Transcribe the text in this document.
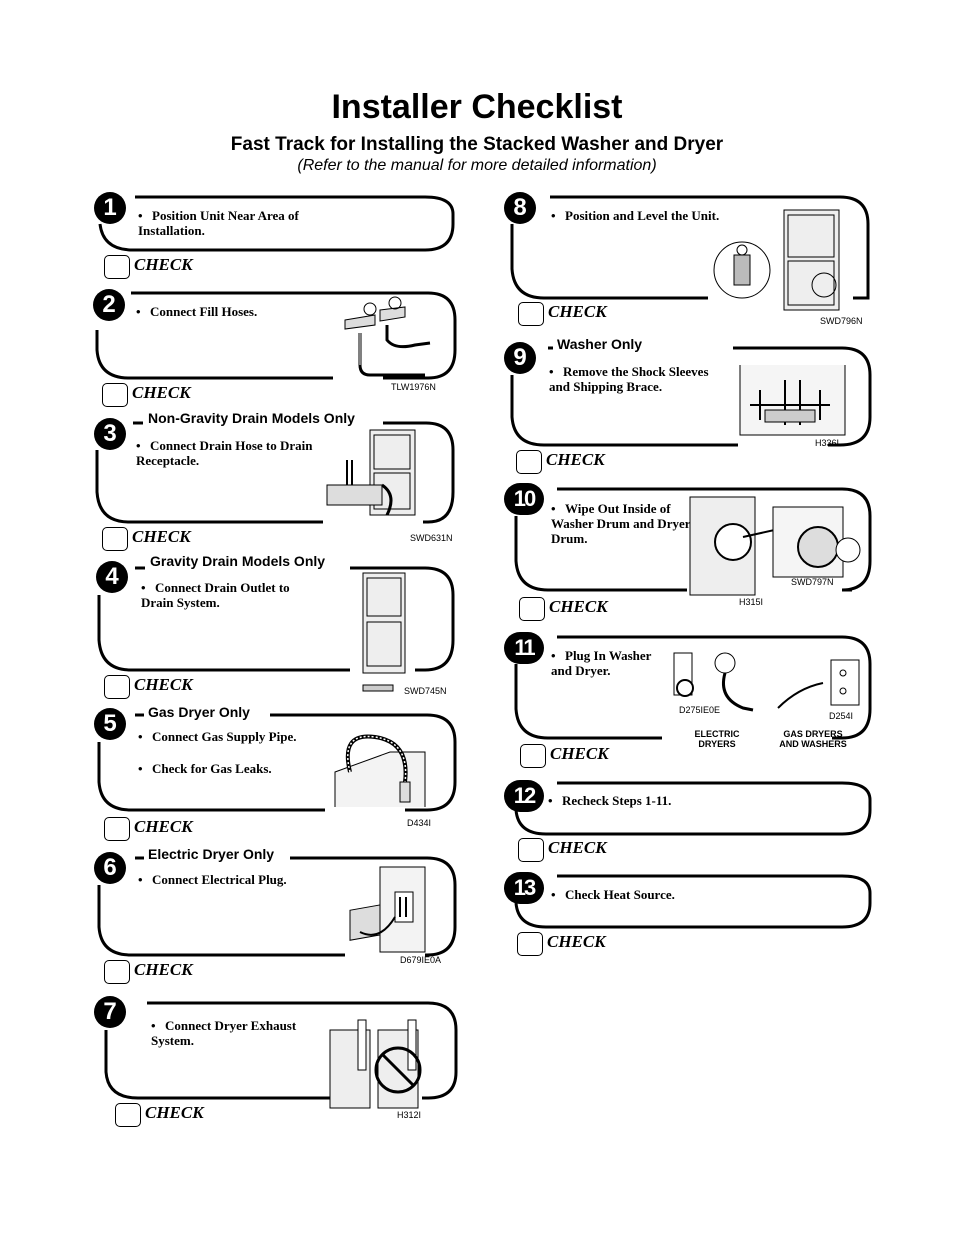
Installer Checklist
Fast Track for Installing the Stacked Washer and Dryer
(Refer to the manual for more detailed information)
1	• Position Unit Near Area of Installation.
CHECK
2	• Connect Fill Hoses.
TLW1976N
CHECK
3
Non-Gravity Drain Models Only
• Connect Drain Hose to Drain Receptacle.
SWD631N
CHECK
4
Gravity Drain Models Only
• Connect Drain Outlet to Drain System.
SWD745N
CHECK
5	Gas Dryer Only
• Connect Gas Supply Pipe.
• Check for Gas Leaks.
D434I
CHECK
6	Electric Dryer Only
• Connect Electrical Plug.
D679IE0A
CHECK
7
• Connect Dryer Exhaust System.
H312I
CHECK
8	• Position and Level the Unit.
SWD796N
CHECK
9	Washer Only
• Remove the Shock Sleeves and Shipping Brace.
H336I
CHECK
10	• Wipe Out Inside of Washer Drum and Dryer Drum.
SWD797N
H315I
CHECK
11	• Plug In Washer and Dryer.
D275IE0E
D254I
ELECTRIC DRYERS
GAS DRYERS AND WASHERS
CHECK
12	• Recheck Steps 1-11.
CHECK
13	• Check Heat Source.
CHECK
